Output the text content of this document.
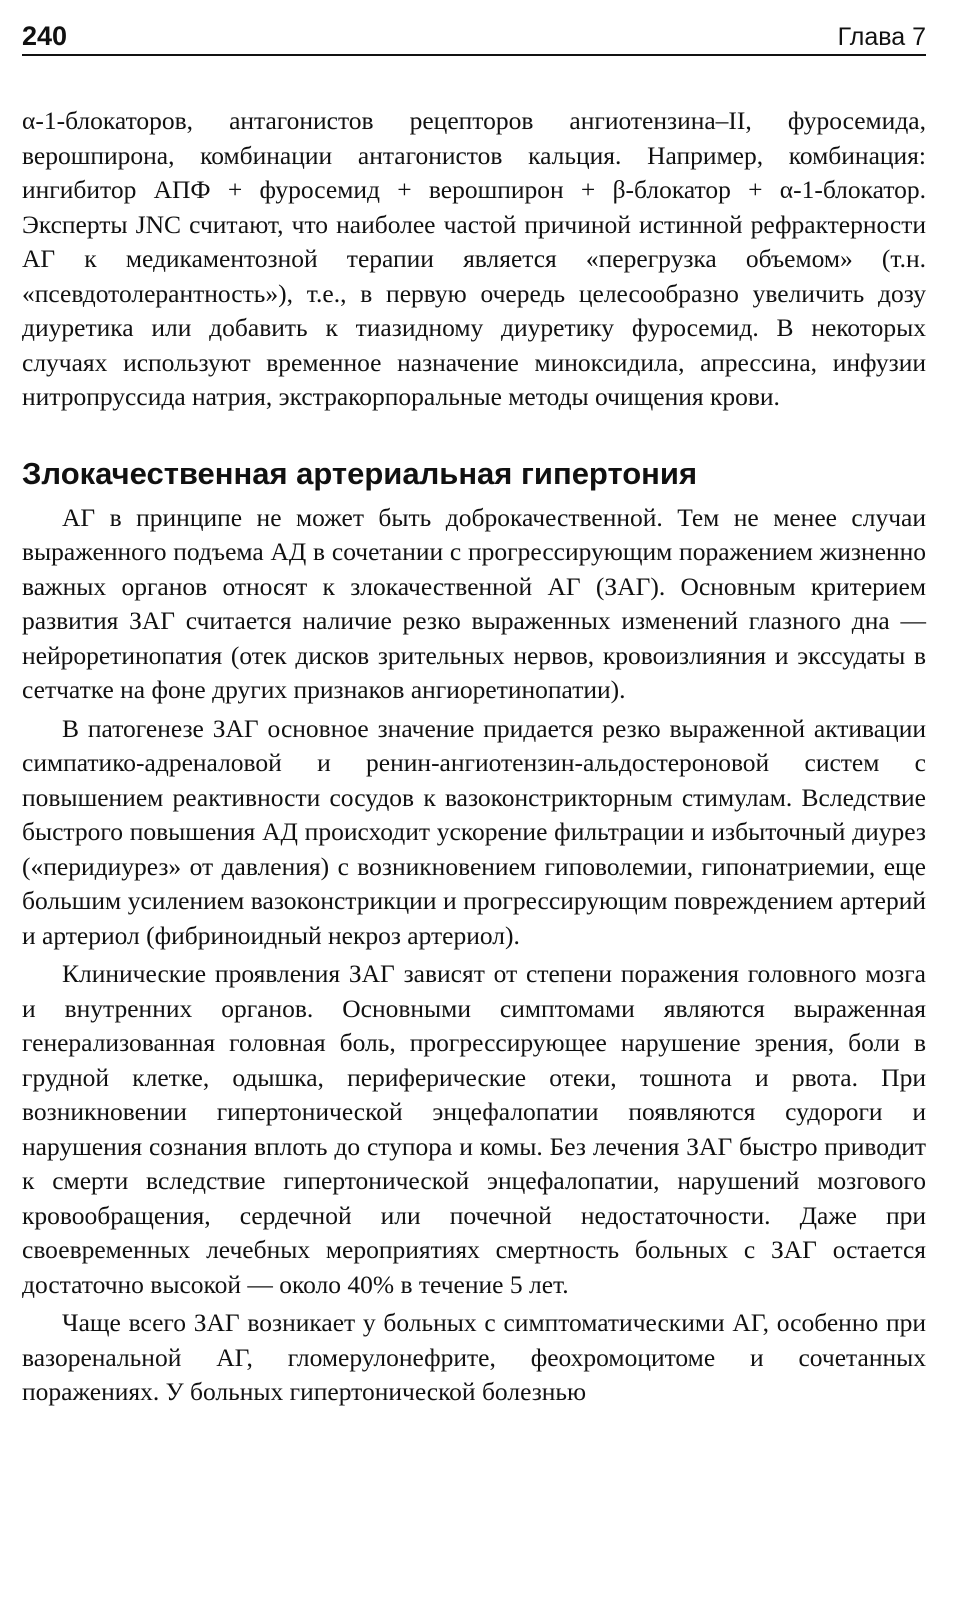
240	Глава 7

α-1-блокаторов, антагонистов рецепторов ангиотензина–II, фуросемида, верошпирона, комбинации антагонистов кальция. Например, комбинация: ингибитор АПФ + фуросемид + верошпирон + β-блокатор + α-1-блокатор. Эксперты JNC считают, что наиболее частой причиной истинной рефрактерности АГ к медикаментозной терапии является «перегрузка объемом» (т.н. «псевдотолерантность»), т.е., в первую очередь целесообразно увеличить дозу диуретика или добавить к тиазидному диуретику фуросемид. В некоторых случаях используют временное назначение миноксидила, апрессина, инфузии нитропруссида натрия, экстракорпоральные методы очищения крови.

Злокачественная артериальная гипертония

АГ в принципе не может быть доброкачественной. Тем не менее случаи выраженного подъема АД в сочетании с прогрессирующим поражением жизненно важных органов относят к злокачественной АГ (ЗАГ). Основным критерием развития ЗАГ считается наличие резко выраженных изменений глазного дна — нейроретинопатия (отек дисков зрительных нервов, кровоизлияния и экссудаты в сетчатке на фоне других признаков ангиоретинопатии).

В патогенезе ЗАГ основное значение придается резко выраженной активации симпатико-адреналовой и ренин-ангиотензин-альдостероновой систем с повышением реактивности сосудов к вазоконстрикторным стимулам. Вследствие быстрого повышения АД происходит ускорение фильтрации и избыточный диурез («перидиурез» от давления) с возникновением гиповолемии, гипонатриемии, еще большим усилением вазоконстрикции и прогрессирующим повреждением артерий и артериол (фибриноидный некроз артериол).

Клинические проявления ЗАГ зависят от степени поражения головного мозга и внутренних органов. Основными симптомами являются выраженная генерализованная головная боль, прогрессирующее нарушение зрения, боли в грудной клетке, одышка, периферические отеки, тошнота и рвота. При возникновении гипертонической энцефалопатии появляются судороги и нарушения сознания вплоть до ступора и комы. Без лечения ЗАГ быстро приводит к смерти вследствие гипертонической энцефалопатии, нарушений мозгового кровообращения, сердечной или почечной недостаточности. Даже при своевременных лечебных мероприятиях смертность больных с ЗАГ остается достаточно высокой — около 40% в течение 5 лет.

Чаще всего ЗАГ возникает у больных с симптоматическими АГ, особенно при вазоренальной АГ, гломерулонефрите, феохромоцитоме и сочетанных поражениях. У больных гипертонической болезнью
